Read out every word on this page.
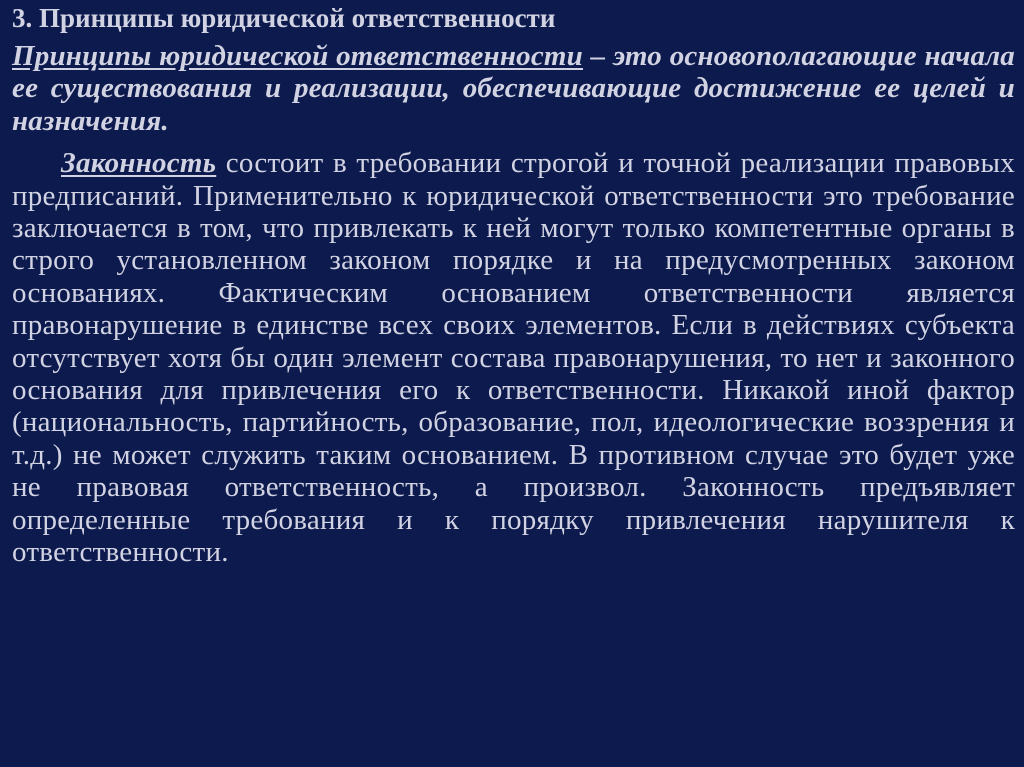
3. Принципы юридической ответственности

Принципы юридической ответственности – это основополагающие начала ее существования и реализации, обеспечивающие достижение ее целей и назначения.

Законность состоит в требовании строгой и точной реализации правовых предписаний. Применительно к юридической ответственности это требование заключается в том, что привлекать к ней могут только компетентные органы в строго установленном законом порядке и на предусмотренных законом основаниях. Фактическим основанием ответственности является правонарушение в единстве всех своих элементов. Если в действиях субъекта отсутствует хотя бы один элемент состава правонарушения, то нет и законного основания для привлечения его к ответственности. Никакой иной фактор (национальность, партийность, образование, пол, идеологические воззрения и т.д.) не может служить таким основанием. В противном случае это будет уже не правовая ответственность, а произвол. Законность предъявляет определенные требования и к порядку привлечения нарушителя к ответственности.
